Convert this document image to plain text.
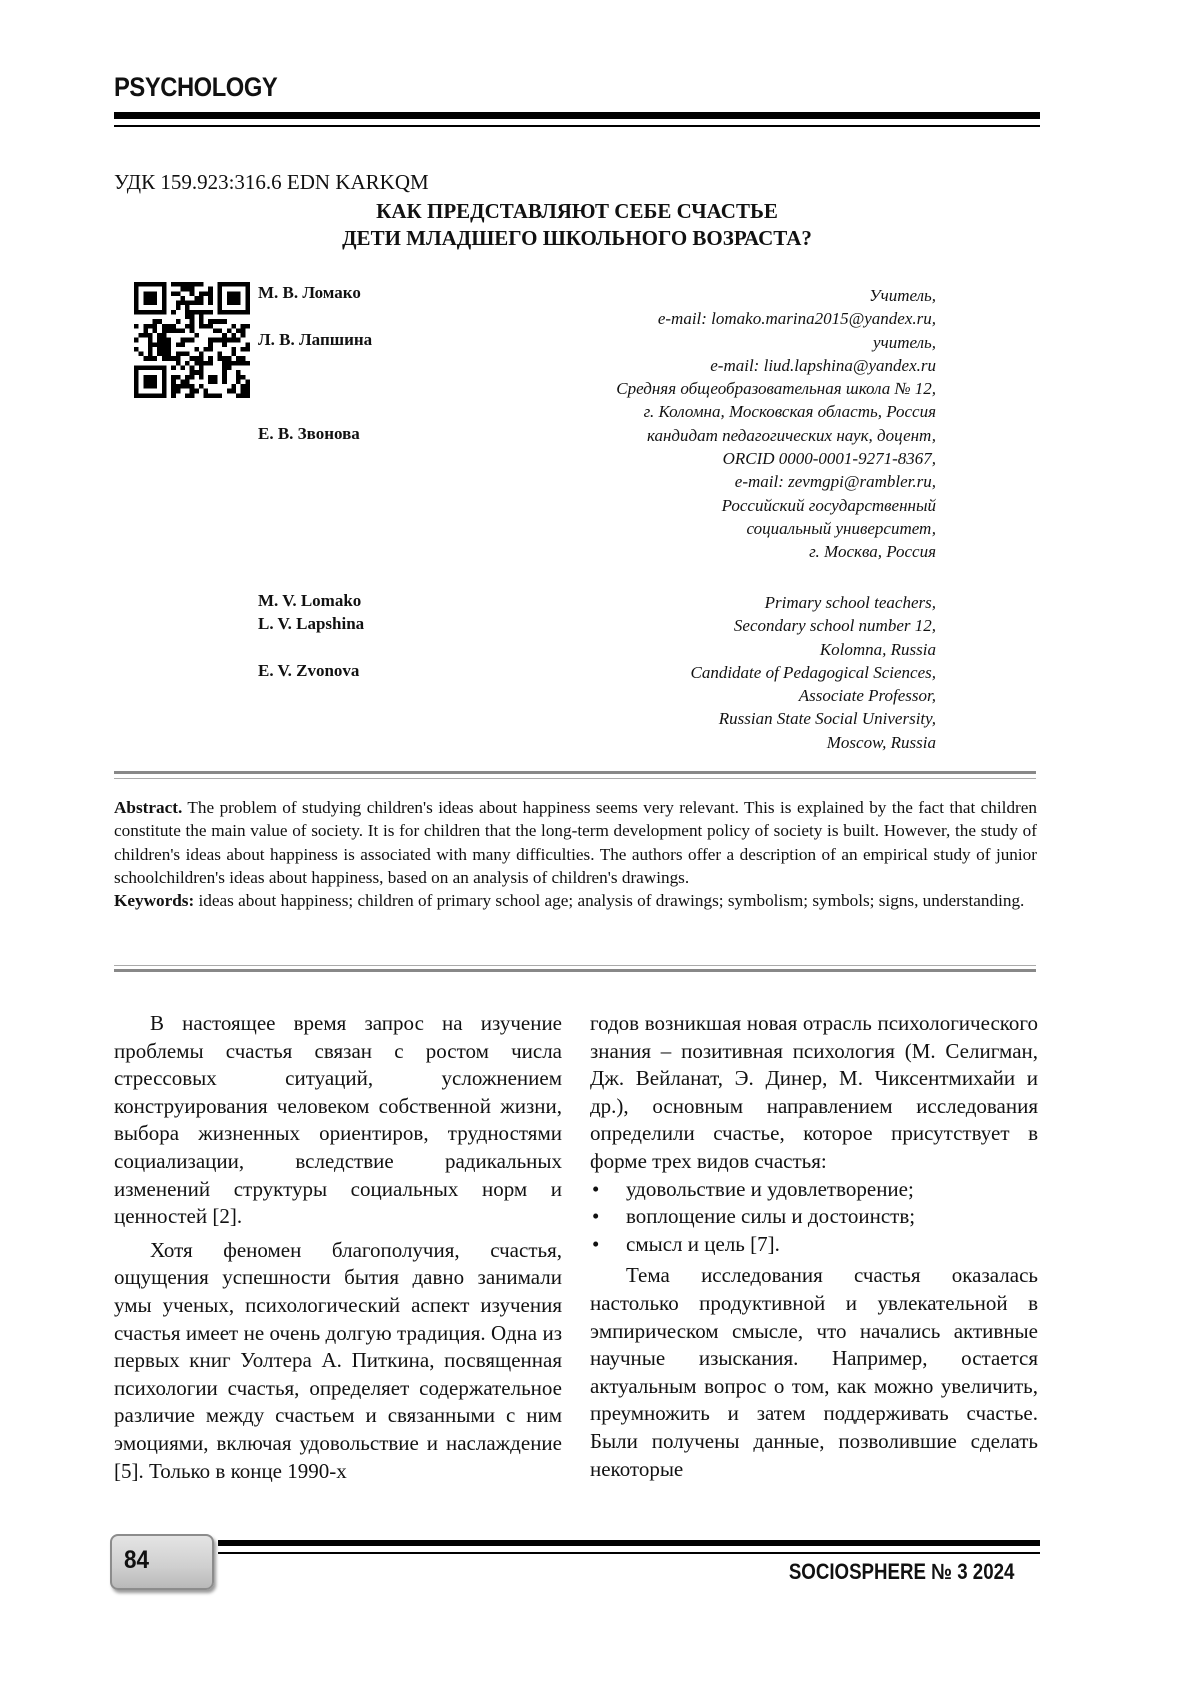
PSYCHOLOGY
УДК 159.923:316.6 EDN KARKQM
КАК ПРЕДСТАВЛЯЮТ СЕБЕ СЧАСТЬЕ
ДЕТИ МЛАДШЕГО ШКОЛЬНОГО ВОЗРАСТА?
М. В. Ломако
Л. В. Лапшина
Е. В. Звонова
Учитель,
e-mail: lomako.marina2015@yandex.ru,
учитель,
e-mail: liud.lapshina@yandex.ru
Средняя общеобразовательная школа № 12,
г. Коломна, Московская область, Россия
кандидат педагогических наук, доцент,
ORCID 0000-0001-9271-8367,
e-mail: zevmgpi@rambler.ru,
Российский государственный
социальный университет,
г. Москва, Россия
M. V. Lomako
L. V. Lapshina
E. V. Zvonova
Primary school teachers,
Secondary school number 12,
Kolomna, Russia
Candidate of Pedagogical Sciences,
Associate Professor,
Russian State Social University,
Moscow, Russia
Abstract. The problem of studying children's ideas about happiness seems very relevant. This is explained by the fact that children constitute the main value of society. It is for children that the long-term development policy of society is built. However, the study of children's ideas about happiness is associated with many difficulties. The authors offer a description of an empirical study of junior schoolchildren's ideas about happiness, based on an analysis of children's drawings.
Keywords: ideas about happiness; children of primary school age; analysis of drawings; symbolism; symbols; signs, understanding.

В настоящее время запрос на изучение проблемы счастья связан с ростом числа стрессовых ситуаций, усложнением конструирования человеком собственной жизни, выбора жизненных ориентиров, трудностями социализации, вследствие радикальных изменений структуры социальных норм и ценностей [2].

Хотя феномен благополучия, счастья, ощущения успешности бытия давно занимали умы ученых, психологический аспект изучения счастья имеет не очень долгую традиция. Одна из первых книг Уолтера А. Питкина, посвященная психологии счастья, определяет содержательное различие между счастьем и связанными с ним эмоциями, включая удовольствие и наслаждение [5]. Только в конце 1990-х

годов возникшая новая отрасль психологического знания – позитивная психология (М. Селигман, Дж. Вейланат, Э. Динер, М. Чиксентмихайи и др.), основным направлением исследования определили счастье, которое присутствует в форме трех видов счастья:

• удовольствие и удовлетворение;

• воплощение силы и достоинств;

• смысл и цель [7].

Тема исследования счастья оказалась настолько продуктивной и увлекательной в эмпирическом смысле, что начались активные научные изыскания. Например, остается актуальным вопрос о том, как можно увеличить, преумножить и затем поддерживать счастье. Были получены данные, позволившие сделать некоторые

84	SOCIOSPHERE № 3 2024
